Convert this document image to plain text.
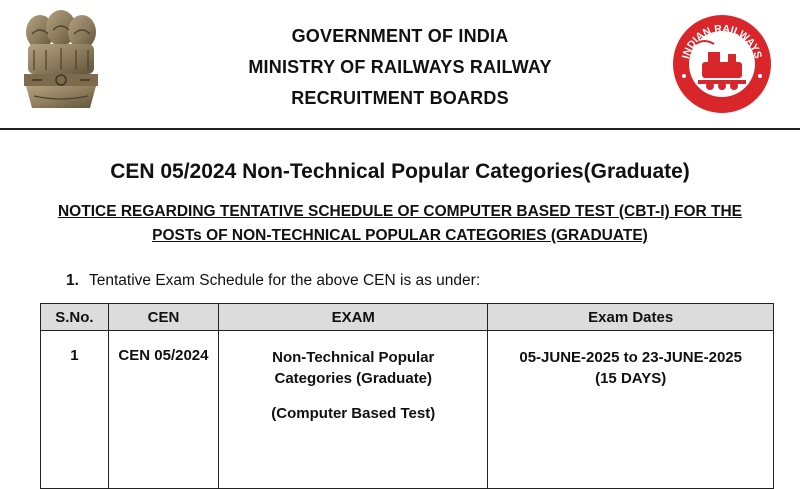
GOVERNMENT OF INDIA
MINISTRY OF RAILWAYS RAILWAY
RECRUITMENT BOARDS
INDIAN RAILWAYS
CEN 05/2024 Non-Technical Popular Categories(Graduate)
NOTICE REGARDING TENTATIVE SCHEDULE OF COMPUTER BASED TEST (CBT-I) FOR THE
POSTs OF NON-TECHNICAL POPULAR CATEGORIES (GRADUATE)
1. Tentative Exam Schedule for the above CEN is as under:
S.No.	CEN	EXAM	Exam Dates
1	CEN 05/2024	Non-Technical Popular
Categories (Graduate)
(Computer Based Test)	05-JUNE-2025 to 23-JUNE-2025
(15 DAYS)
